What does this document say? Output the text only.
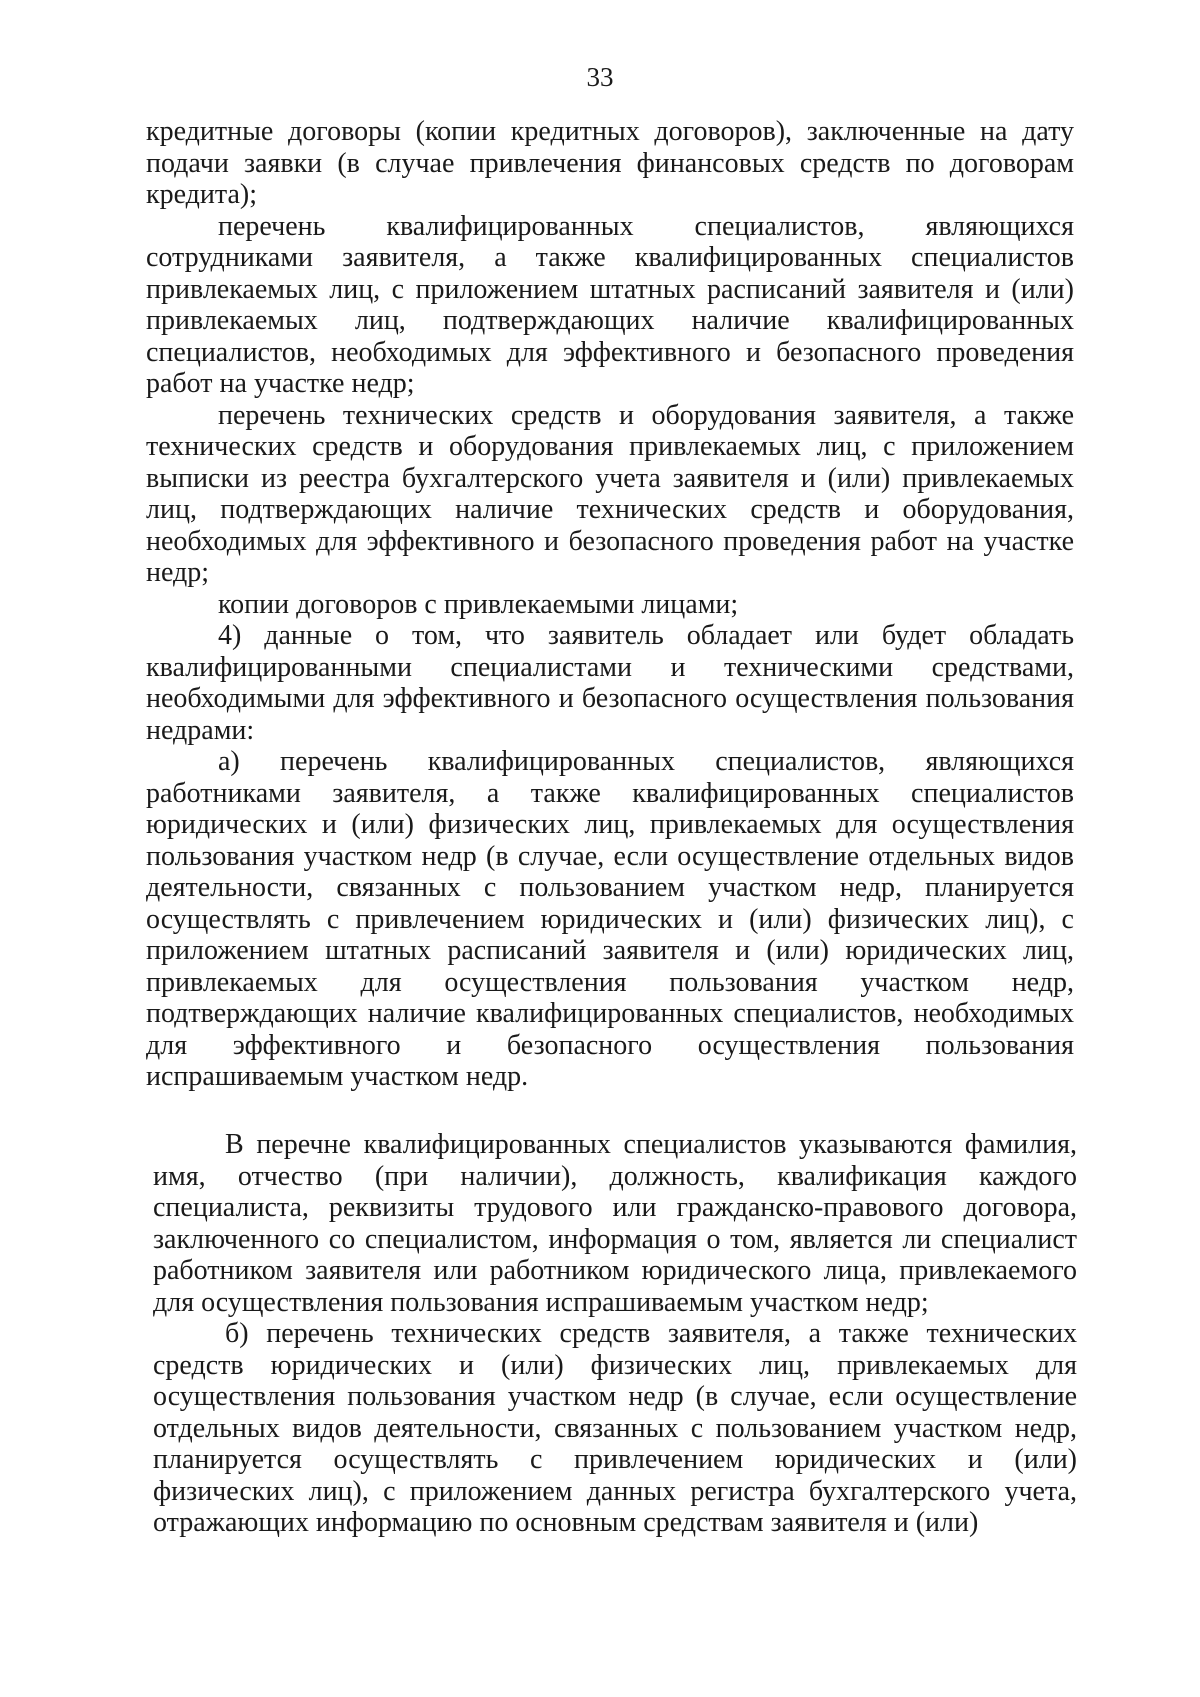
33

кредитные договоры (копии кредитных договоров), заключенные на дату подачи заявки (в случае привлечения финансовых средств по договорам кредита);

перечень квалифицированных специалистов, являющихся сотрудниками заявителя, а также квалифицированных специалистов привлекаемых лиц, с приложением штатных расписаний заявителя и (или) привлекаемых лиц, подтверждающих наличие квалифицированных специалистов, необходимых для эффективного и безопасного проведения работ на участке недр;

перечень технических средств и оборудования заявителя, а также технических средств и оборудования привлекаемых лиц, с приложением выписки из реестра бухгалтерского учета заявителя и (или) привлекаемых лиц, подтверждающих наличие технических средств и оборудования, необходимых для эффективного и безопасного проведения работ на участке недр;

копии договоров с привлекаемыми лицами;

4) данные о том, что заявитель обладает или будет обладать квалифицированными специалистами и техническими средствами, необходимыми для эффективного и безопасного осуществления пользования недрами:

а) перечень квалифицированных специалистов, являющихся работниками заявителя, а также квалифицированных специалистов юридических и (или) физических лиц, привлекаемых для осуществления пользования участком недр (в случае, если осуществление отдельных видов деятельности, связанных с пользованием участком недр, планируется осуществлять с привлечением юридических и (или) физических лиц), с приложением штатных расписаний заявителя и (или) юридических лиц, привлекаемых для осуществления пользования участком недр, подтверждающих наличие квалифицированных специалистов, необходимых для эффективного и безопасного осуществления пользования испрашиваемым участком недр.

В перечне квалифицированных специалистов указываются фамилия, имя, отчество (при наличии), должность, квалификация каждого специалиста, реквизиты трудового или гражданско-правового договора, заключенного со специалистом, информация о том, является ли специалист работником заявителя или работником юридического лица, привлекаемого для осуществления пользования испрашиваемым участком недр;

б) перечень технических средств заявителя, а также технических средств юридических и (или) физических лиц, привлекаемых для осуществления пользования участком недр (в случае, если осуществление отдельных видов деятельности, связанных с пользованием участком недр, планируется осуществлять с привлечением юридических и (или) физических лиц), с приложением данных регистра бухгалтерского учета, отражающих информацию по основным средствам заявителя и (или)
